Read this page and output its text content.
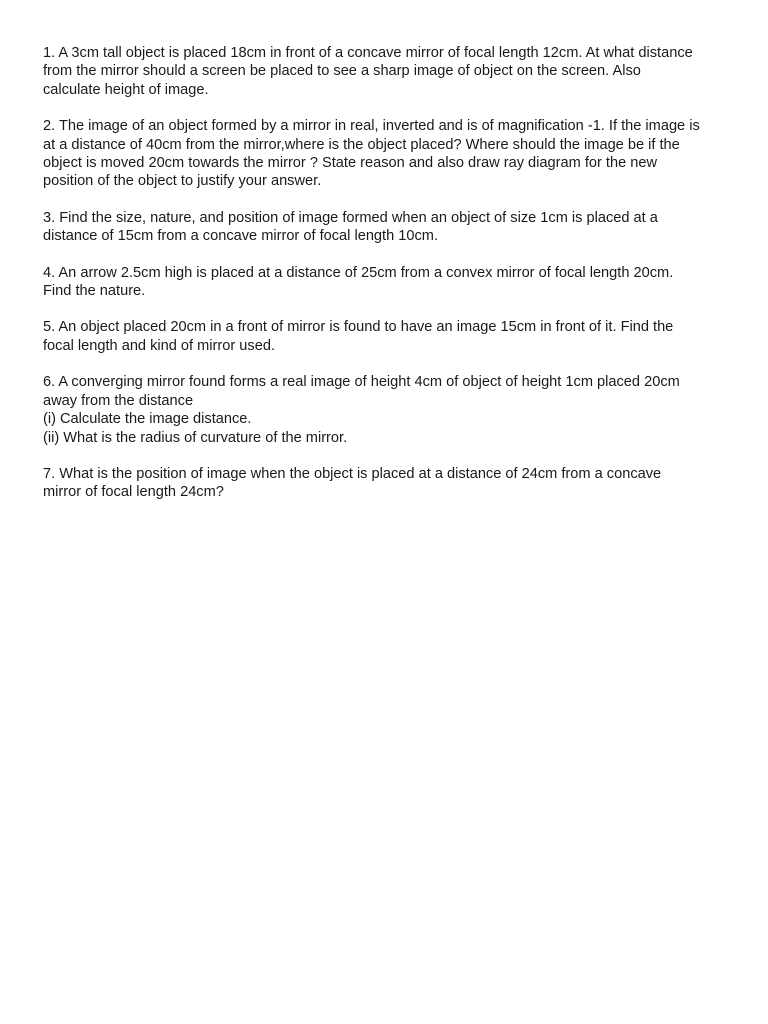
1. A 3cm tall object is placed 18cm in front of a concave mirror of focal length 12cm. At what distance
from the mirror should a screen be placed to see a sharp image of object on the screen. Also
calculate height of image.
2. The image of an object formed by a mirror in real, inverted and is of magnification -1. If the image is
at a distance of 40cm from the mirror,where is the object placed? Where should the image be if the
object is moved 20cm towards the mirror ? State reason and also draw ray diagram for the new
position of the object to justify your answer.
3. Find the size, nature, and position of image formed when an object of size 1cm is placed at a
distance of 15cm from a concave mirror of focal length 10cm.
4. An arrow 2.5cm high is placed at a distance of 25cm from a convex mirror of focal length 20cm.
Find the nature.
5. An object placed 20cm in a front of mirror is found to have an image 15cm in front of it. Find the
focal length and kind of mirror used.
6. A converging mirror found forms a real image of height 4cm of object of height 1cm placed 20cm
away from the distance
(i) Calculate the image distance.
(ii) What is the radius of curvature of the mirror.
7. What is the position of image when the object is placed at a distance of 24cm from a concave
mirror of focal length 24cm?
